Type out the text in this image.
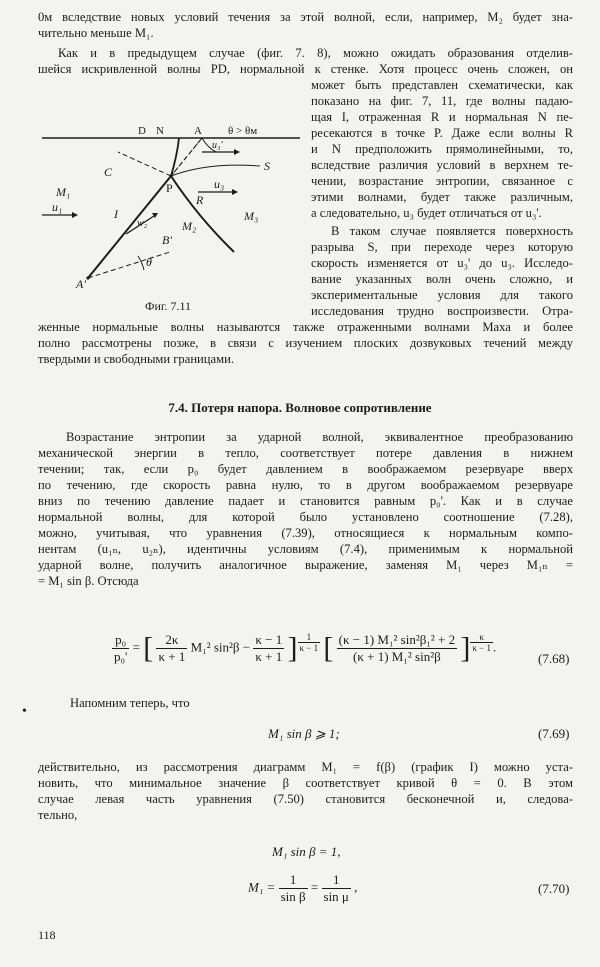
0м вследствие новых условий течения за этой волной, если, например, M₂ будет зна-
чительно меньше M₁.
Как и в предыдущем случае (фиг. 7. 8), можно ожидать образования отделив-
шейся искривленной волны PD, нормальной к стенке. Хотя процесс очень сложен, он
может быть представлен схематически, как
показано на фиг. 7, 11, где волны падаю-
щая I, отраженная R и нормальная N пе-
ресекаются в точке P. Даже если волны R
и N предположить прямолинейными, то,
вследствие различия условий в верхнем те-
чении, возрастание энтропии, связанное с
этими волнами, будет также различным,
а следовательно, u₃ будет отличаться от u₃'.
В таком случае появляется поверхность
разрыва S, при переходе через которую
скорость изменяется от u₃' до u₃. Исследо-
вание указанных волн очень сложно, и
экспериментальные условия для такого
исследования трудно воспроизвести. Отра-
женные нормальные волны называются также отраженными волнами Маха и более
полно рассмотрены позже, в связи с изучением плоских дозвуковых течений между
твердыми и свободными границами.
D N	A θ > θм
u₃'
C	S
M₁	P	u₃
u₁	I
w₂
R
M₃
M₂
B'
θ
A'
Фиг. 7.11
7.4. Потеря напора. Волновое сопротивление
Возрастание энтропии за ударной волной, эквивалентное преобразованию
механической энергии в тепло, соответствует потере давления в нижнем
течении; так, если p₀ будет давлением в воображаемом резервуаре вверх
по течению, где скорость равна нулю, то в другом воображаемом резервуаре
вниз по течению давление падает и становится равным p₀'. Как и в случае
нормальной волны, для которой было установлено соотношение (7.28),
можно, учитывая, что уравнения (7.39), относящиеся к нормальным компо-
нентам (u₁ₙ, u₂ₙ), идентичны условиям (7.4), применимым к нормальной
ударной волне, получить аналогичное выражение, заменяя M₁ через M₁ₙ =
= M₁ sin β. Отсюда
$\frac{\text{p₀}}{\text{p₀'}}$ = [ $\frac{2\kappa}{\kappa + 1} M_1^2$ $\sin^2\beta - \frac{\kappa - 1}{\kappa + 1}$ ] $\frac{1}{\kappa - 1}$ [ $\frac{\text{(κ − 1) M₁² sin²β₁² + 2}}{\text{(κ + 1) M₁² sin²β}}$ ] $\frac{\kappa}{\kappa - 1}$ .
(7.68)
•
Напомним теперь, что
M₁ sin β ⩾ 1;	(7.69)
действительно, из рассмотрения диаграмм M₁ = f(β) (график I) можно уста-
новить, что минимальное значение β соответствует кривой θ = 0. В этом
случае левая часть уравнения (7.50) становится бесконечной и, следова-
тельно,
M₁ sin β = 1,
$M_1 = \frac{1}{\text{sin β}} = \frac{1}{\text{sin μ}}$ ,	(7.70)
118
